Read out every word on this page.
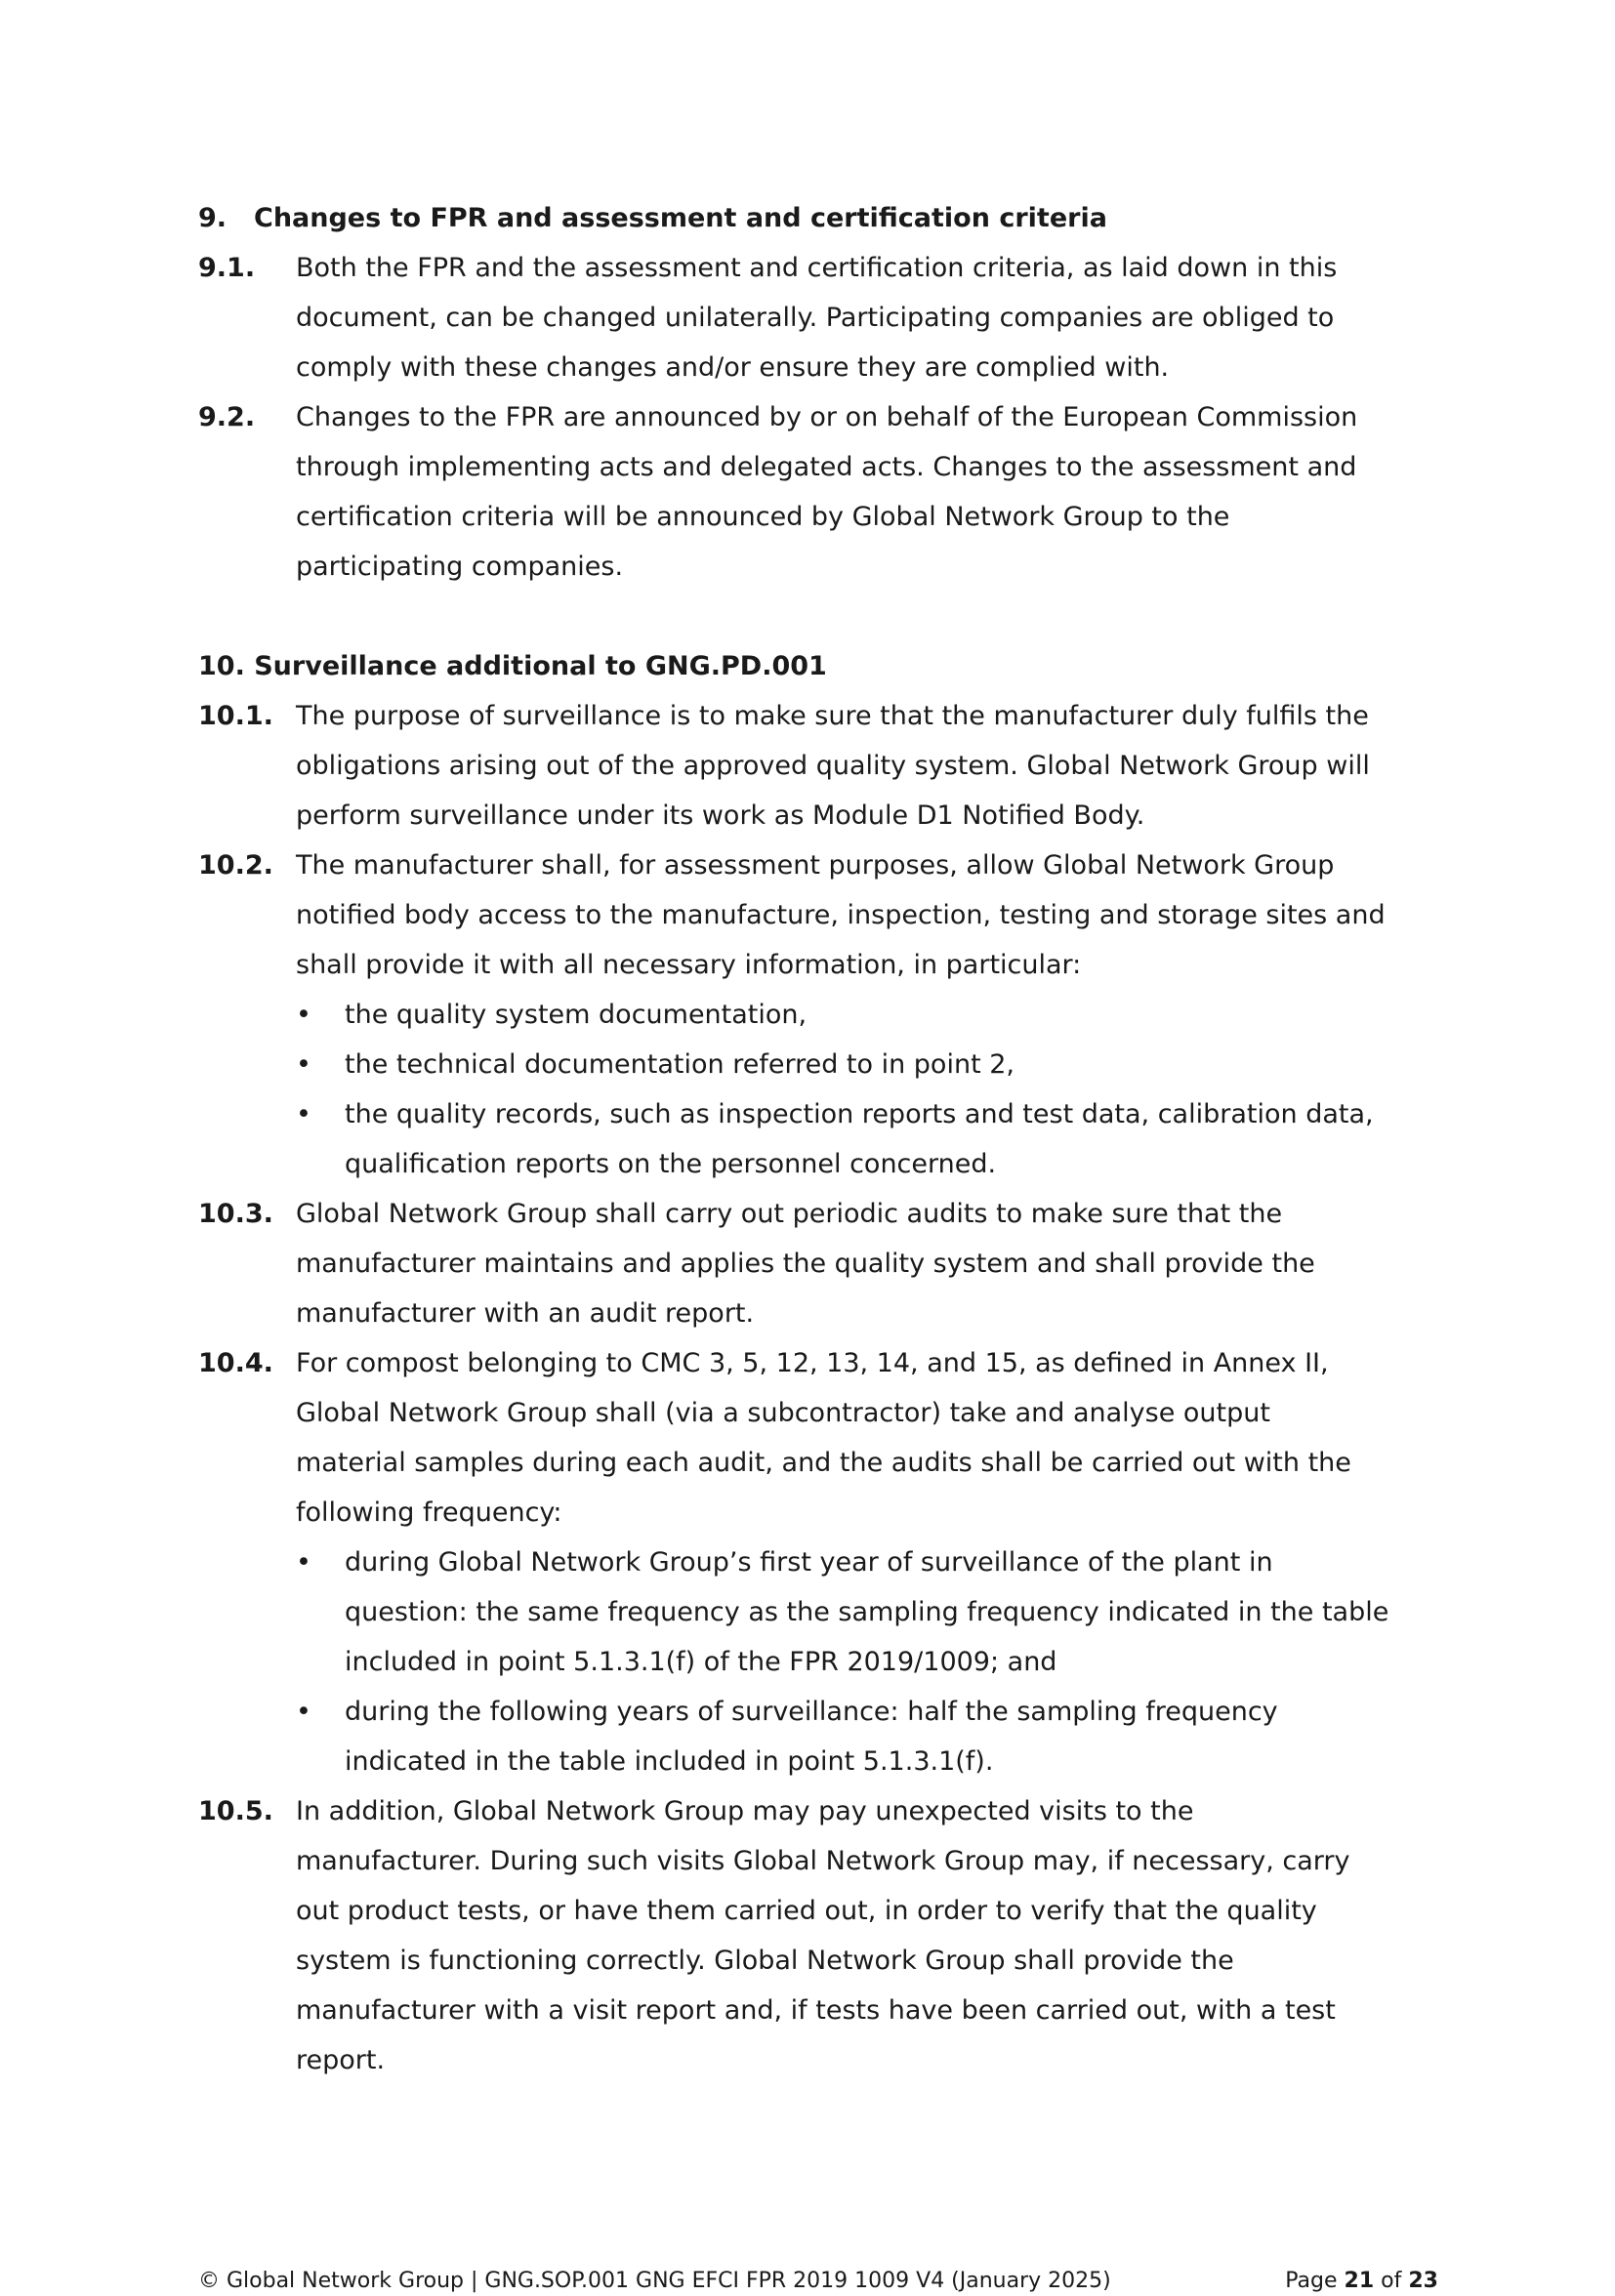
9. Changes to FPR and assessment and certification criteria
9.1. Both the FPR and the assessment and certification criteria, as laid down in this
document, can be changed unilaterally. Participating companies are obliged to
comply with these changes and/or ensure they are complied with.
9.2. Changes to the FPR are announced by or on behalf of the European Commission
through implementing acts and delegated acts. Changes to the assessment and
certification criteria will be announced by Global Network Group to the
participating companies.
10. Surveillance additional to GNG.PD.001
10.1. The purpose of surveillance is to make sure that the manufacturer duly fulfils the
obligations arising out of the approved quality system. Global Network Group will
perform surveillance under its work as Module D1 Notified Body.
10.2. The manufacturer shall, for assessment purposes, allow Global Network Group
notified body access to the manufacture, inspection, testing and storage sites and
shall provide it with all necessary information, in particular:
• the quality system documentation,
• the technical documentation referred to in point 2,
• the quality records, such as inspection reports and test data, calibration data,
qualification reports on the personnel concerned.
10.3. Global Network Group shall carry out periodic audits to make sure that the
manufacturer maintains and applies the quality system and shall provide the
manufacturer with an audit report.
10.4. For compost belonging to CMC 3, 5, 12, 13, 14, and 15, as defined in Annex II,
Global Network Group shall (via a subcontractor) take and analyse output
material samples during each audit, and the audits shall be carried out with the
following frequency:
• during Global Network Group’s first year of surveillance of the plant in
question: the same frequency as the sampling frequency indicated in the table
included in point 5.1.3.1(f) of the FPR 2019/1009; and
• during the following years of surveillance: half the sampling frequency
indicated in the table included in point 5.1.3.1(f).
10.5. In addition, Global Network Group may pay unexpected visits to the
manufacturer. During such visits Global Network Group may, if necessary, carry
out product tests, or have them carried out, in order to verify that the quality
system is functioning correctly. Global Network Group shall provide the
manufacturer with a visit report and, if tests have been carried out, with a test
report.
© Global Network Group | GNG.SOP.001 GNG EFCI FPR 2019 1009 V4 (January 2025)	Page 21 of 23
